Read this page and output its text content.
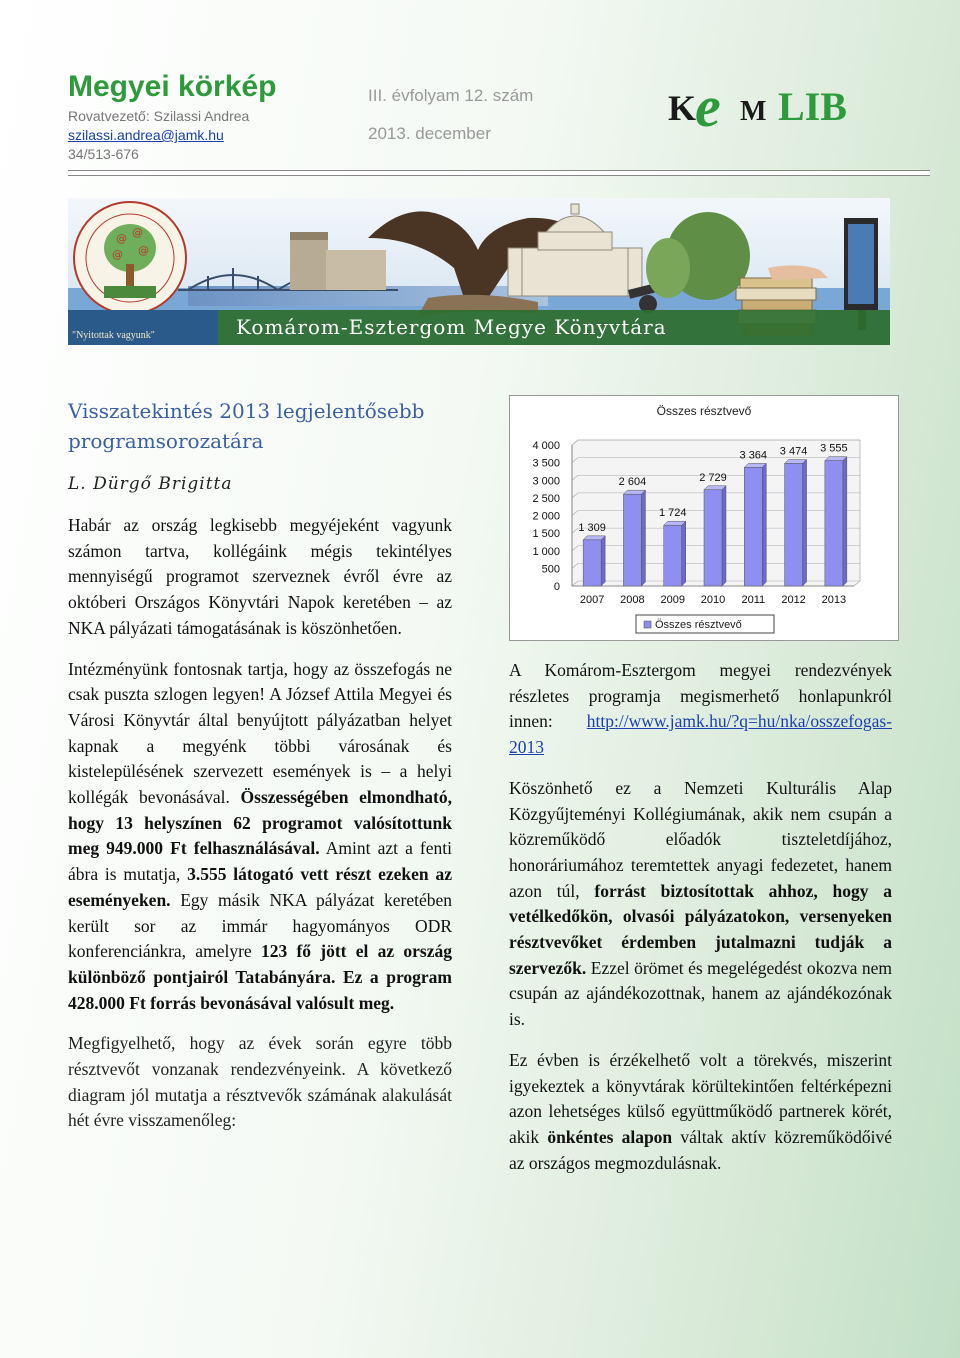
Megyei körkép
Rovatvezető: Szilassi Andrea
szilassi.andrea@jamk.hu
34/513-676
III. évfolyam 12. szám
2013. december
K
e M LIB
@ @
@
@
"Nyitottak vagyunk"	Komárom-Esztergom Megye Könyvtára
Visszatekintés 2013 legjelentősebb programsorozatára
L. Dürgő Brigitta

Habár az ország legkisebb megyéjeként vagyunk számon tartva, kollégáink mégis tekintélyes mennyiségű programot szerveznek évről évre az októberi Országos Könyvtári Napok keretében – az NKA pályázati támogatásának is köszönhetően.

Intézményünk fontosnak tartja, hogy az összefogás ne csak puszta szlogen legyen! A József Attila Megyei és Városi Könyvtár által benyújtott pályázatban helyet kapnak a megyénk többi városának és kistelepülésének szervezett események is – a helyi kollégák bevonásával. Összességében elmondható, hogy 13 helyszínen 62 programot valósítottunk meg 949.000 Ft felhasználásával. Amint azt a fenti ábra is mutatja, 3.555 látogató vett részt ezeken az eseményeken. Egy másik NKA pályázat keretében került sor az immár hagyományos ODR konferenciánkra, amelyre 123 fő jött el az ország különböző pontjairól Tatabányára. Ez a program 428.000 Ft forrás bevonásával valósult meg.

Megfigyelhető, hogy az évek során egyre több résztvevőt vonzanak rendezvényeink. A következő diagram jól mutatja a résztvevők számának alakulását hét évre visszamenőleg:

Összes résztvevő
1 309
2 604
1 724
2 729
3 364 3 474 3 555
0
500
1 000
1 500
2 000
2 500
3 000
3 500
4 000
2007 2008 2009 2010 2011 2012 2013
Összes résztvevő

A Komárom-Esztergom megyei rendezvények részletes programja megismerhető honlapunkról innen: http://www.jamk.hu/?q=hu/nka/osszefogas-2013

Köszönhető ez a Nemzeti Kulturális Alap Közgyűjteményi Kollégiumának, akik nem csupán a közreműködő előadók tiszteletdíjához, honoráriumához teremtettek anyagi fedezetet, hanem azon túl, forrást biztosítottak ahhoz, hogy a vetélkedőkön, olvasói pályázatokon, versenyeken résztvevőket érdemben jutalmazni tudják a szervezők. Ezzel örömet és megelégedést okozva nem csupán az ajándékozottnak, hanem az ajándékozónak is.

Ez évben is érzékelhető volt a törekvés, miszerint igyekeztek a könyvtárak körültekintően feltérképezni azon lehetséges külső együttműködő partnerek körét, akik önkéntes alapon váltak aktív közreműködőivé az országos megmozdulásnak.
